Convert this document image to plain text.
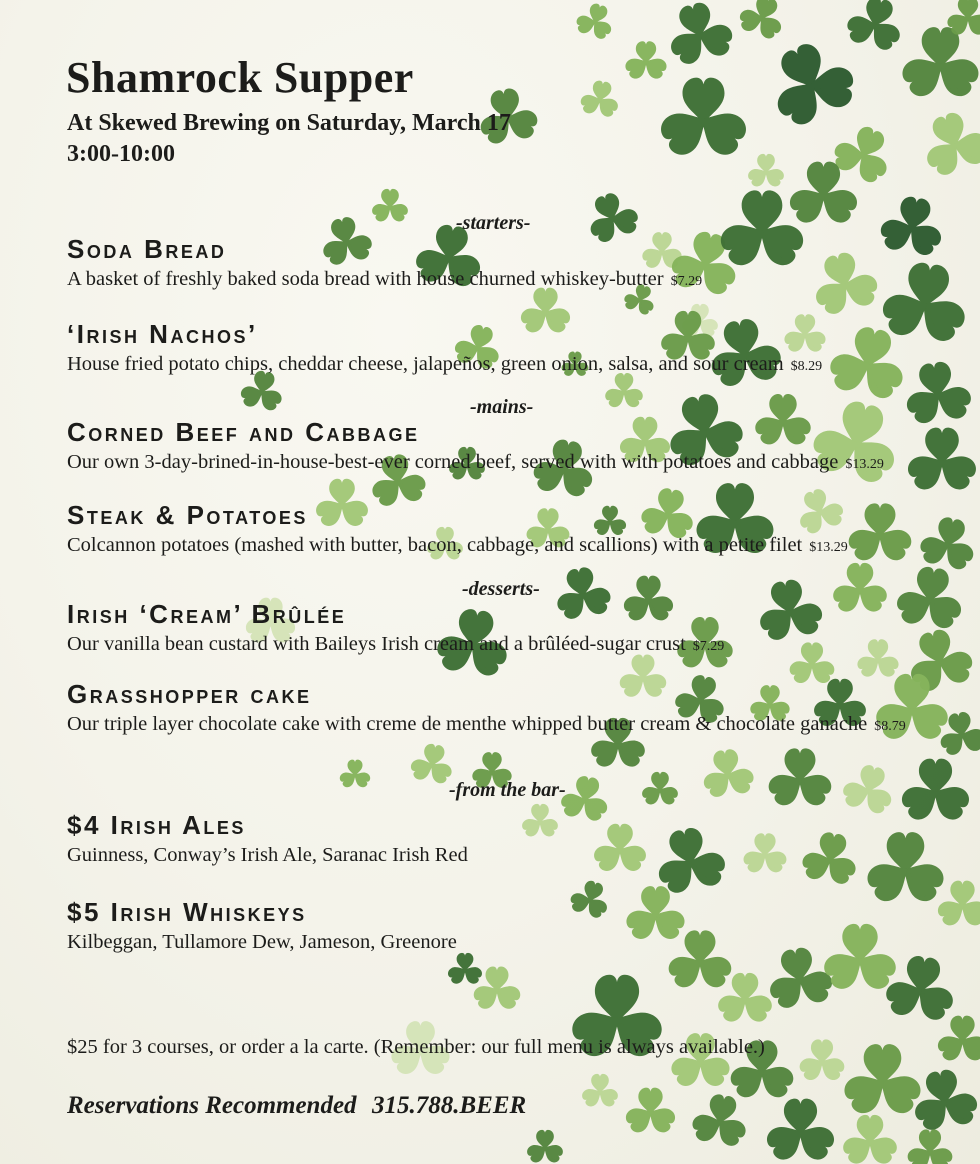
Shamrock Supper
At Skewed Brewing on Saturday, March 17
3:00-10:00
-starters-
Soda Bread
A basket of freshly baked soda bread with house churned whiskey-butter $7.29
‘Irish Nachos’
House fried potato chips, cheddar cheese, jalapeños, green onion, salsa, and sour cream $8.29
-mains-
Corned Beef and Cabbage
Our own 3-day-brined-in-house-best-ever corned beef, served with with potatoes and cabbage $13.29
Steak & Potatoes
Colcannon potatoes (mashed with butter, bacon, cabbage, and scallions) with a petite filet $13.29
-desserts-
Irish ‘Cream’ Brûlée
Our vanilla bean custard with Baileys Irish cream and a brûléed-sugar crust $7.29
Grasshopper cake
Our triple layer chocolate cake with creme de menthe whipped butter cream & chocolate ganache $8.79
-from the bar-
$4 Irish Ales
Guinness, Conway’s Irish Ale, Saranac Irish Red
$5 Irish Whiskeys
Kilbeggan, Tullamore Dew, Jameson, Greenore
$25 for 3 courses, or order a la carte. (Remember: our full menu is always available.)
Reservations Recommended 315.788.BEER
